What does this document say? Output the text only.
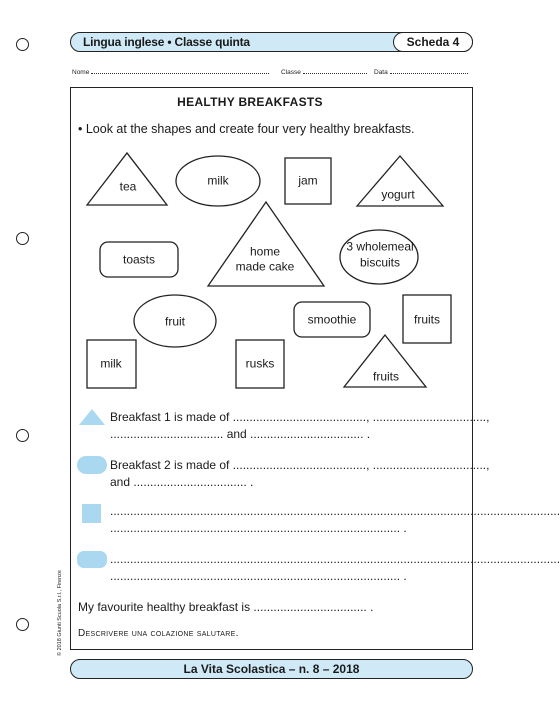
Lingua inglese • Classe quinta	Scheda 4
Nome	Classe	Data
HEALTHY BREAKFASTS
• Look at the shapes and create four very healthy breakfasts.
tea	milk	jam
yogurt
toasts
home
made cake
3 wholemeal
biscuits
fruit	smoothie	fruits
milk	rusks
fruits
Breakfast 1 is made of ........................................, ..................................,
.................................. and .................................. .
Breakfast 2 is made of ........................................, ..................................,
and .................................. .
.......................................................................................................................................
....................................................................................... .
.......................................................................................................................................
....................................................................................... .
My favourite healthy breakfast is .................................. .
Descrivere una colazione salutare.
© 2018 Giunti Scuola S.r.l., Firenze
La Vita Scolastica – n. 8 – 2018
